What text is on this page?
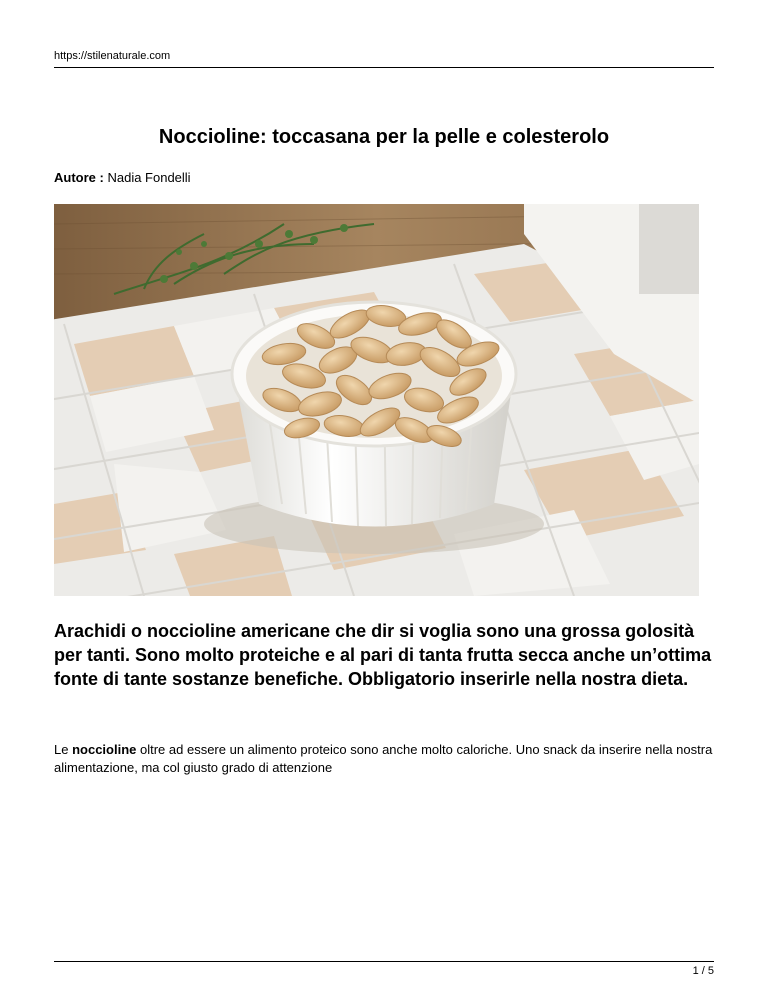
https://stilenaturale.com
Noccioline: toccasana per la pelle e colesterolo
Autore : Nadia Fondelli

Arachidi o noccioline americane che dir si voglia sono una grossa golosità per tanti. Sono molto proteiche e al pari di tanta frutta secca anche un’ottima fonte di tante sostanze benefiche. Obbligatorio inserirle nella nostra dieta.

Le noccioline oltre ad essere un alimento proteico sono anche molto caloriche. Uno snack da inserire nella nostra alimentazione, ma col giusto grado di attenzione

1 / 5
